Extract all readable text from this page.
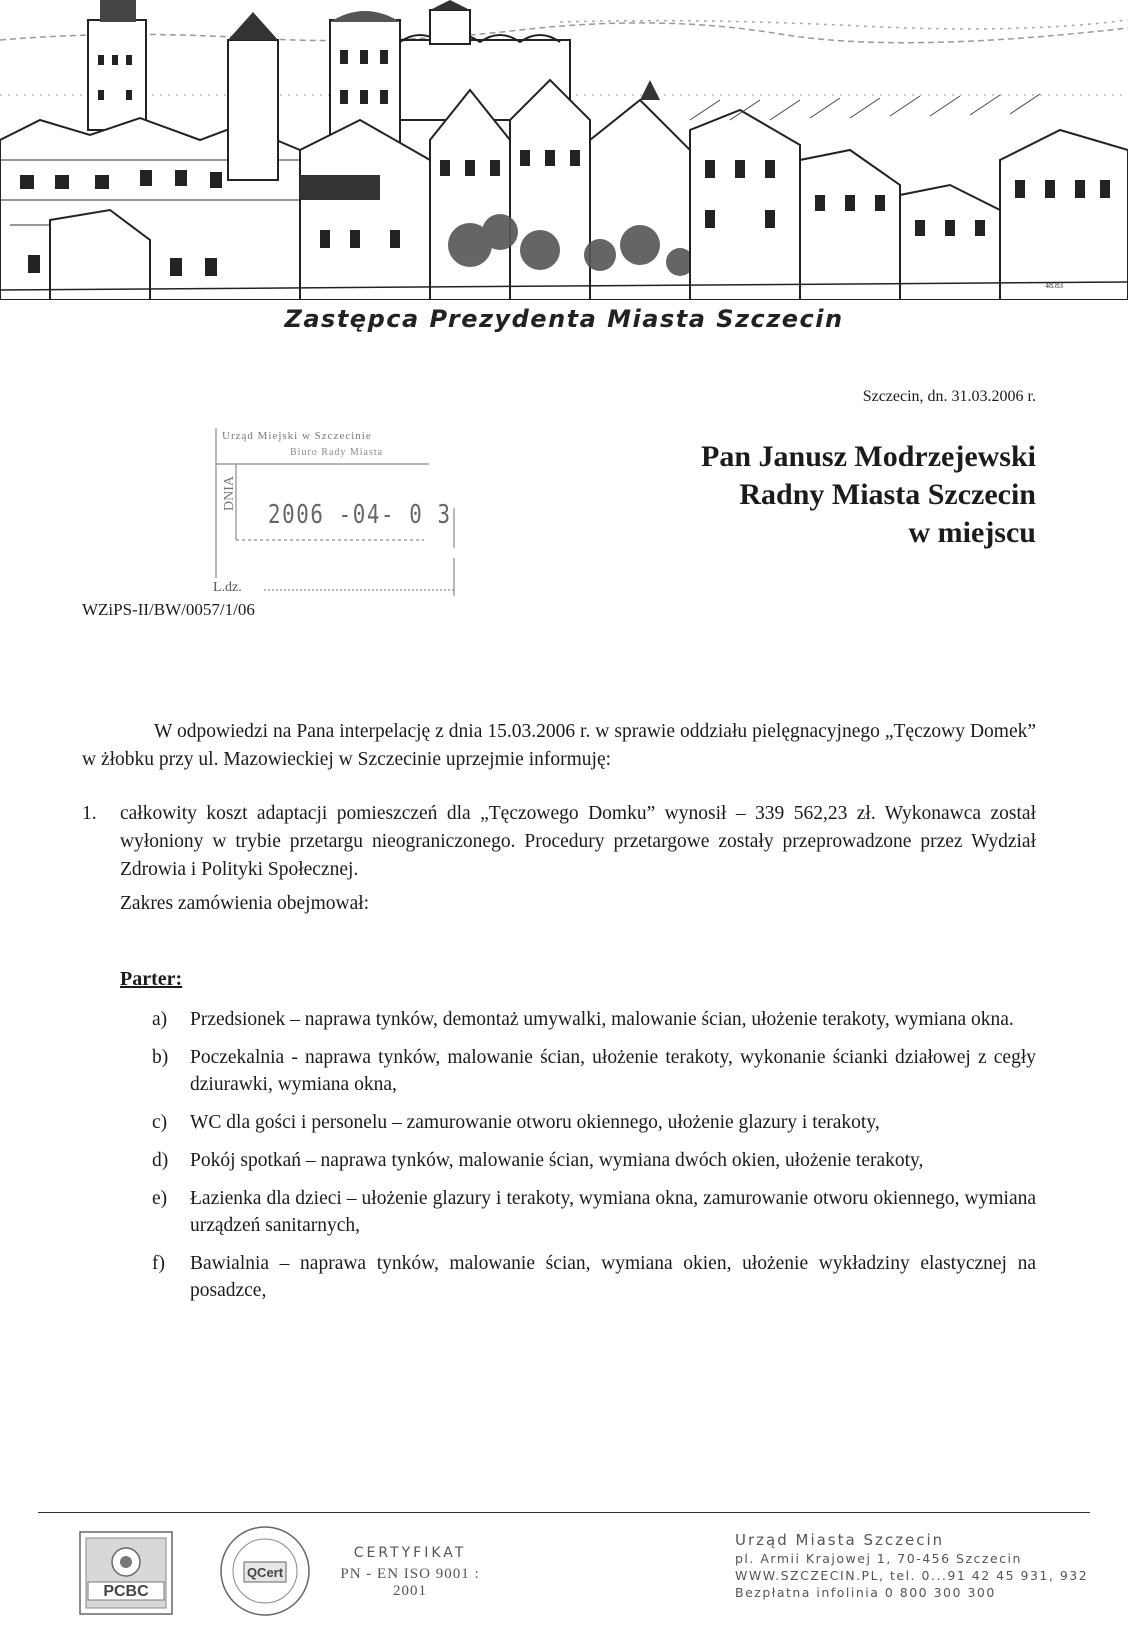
48.83
Zastępca Prezydenta Miasta Szczecin
Szczecin, dn. 31.03.2006 r.
Pan Janusz Modrzejewski
Radny Miasta Szczecin
w miejscu
Urząd Miejski w Szczecinie
Biuro Rady Miasta
DNIA
2006 -04- 0 3
L.dz.
WZiPS-II/BW/0057/1/06
W odpowiedzi na Pana interpelację z dnia 15.03.2006 r. w sprawie oddziału pielęgnacyjnego „Tęczowy Domek” w żłobku przy ul. Mazowieckiej w Szczecinie uprzejmie informuję:
1. całkowity koszt adaptacji pomieszczeń dla „Tęczowego Domku” wynosił – 339 562,23 zł. Wykonawca został wyłoniony w trybie przetargu nieograniczonego. Procedury przetargowe zostały przeprowadzone przez Wydział Zdrowia i Polityki Społecznej.
Zakres zamówienia obejmował:
Parter:
a) Przedsionek – naprawa tynków, demontaż umywalki, malowanie ścian, ułożenie terakoty, wymiana okna.
b) Poczekalnia - naprawa tynków, malowanie ścian, ułożenie terakoty, wykonanie ścianki działowej z cegły dziurawki, wymiana okna,
c) WC dla gości i personelu – zamurowanie otworu okiennego, ułożenie glazury i terakoty,
d) Pokój spotkań – naprawa tynków, malowanie ścian, wymiana dwóch okien, ułożenie terakoty,
e) Łazienka dla dzieci – ułożenie glazury i terakoty, wymiana okna, zamurowanie otworu okiennego, wymiana urządzeń sanitarnych,
f) Bawialnia – naprawa tynków, malowanie ścian, wymiana okien, ułożenie wykładziny elastycznej na posadzce,
PCBC
QCert
CERTYFIKAT
PN - EN ISO 9001 : 2001
Urząd Miasta Szczecin
pl. Armii Krajowej 1, 70-456 Szczecin
WWW.SZCZECIN.PL, tel. 0...91 42 45 931, 932
Bezpłatna infolinia 0 800 300 300
